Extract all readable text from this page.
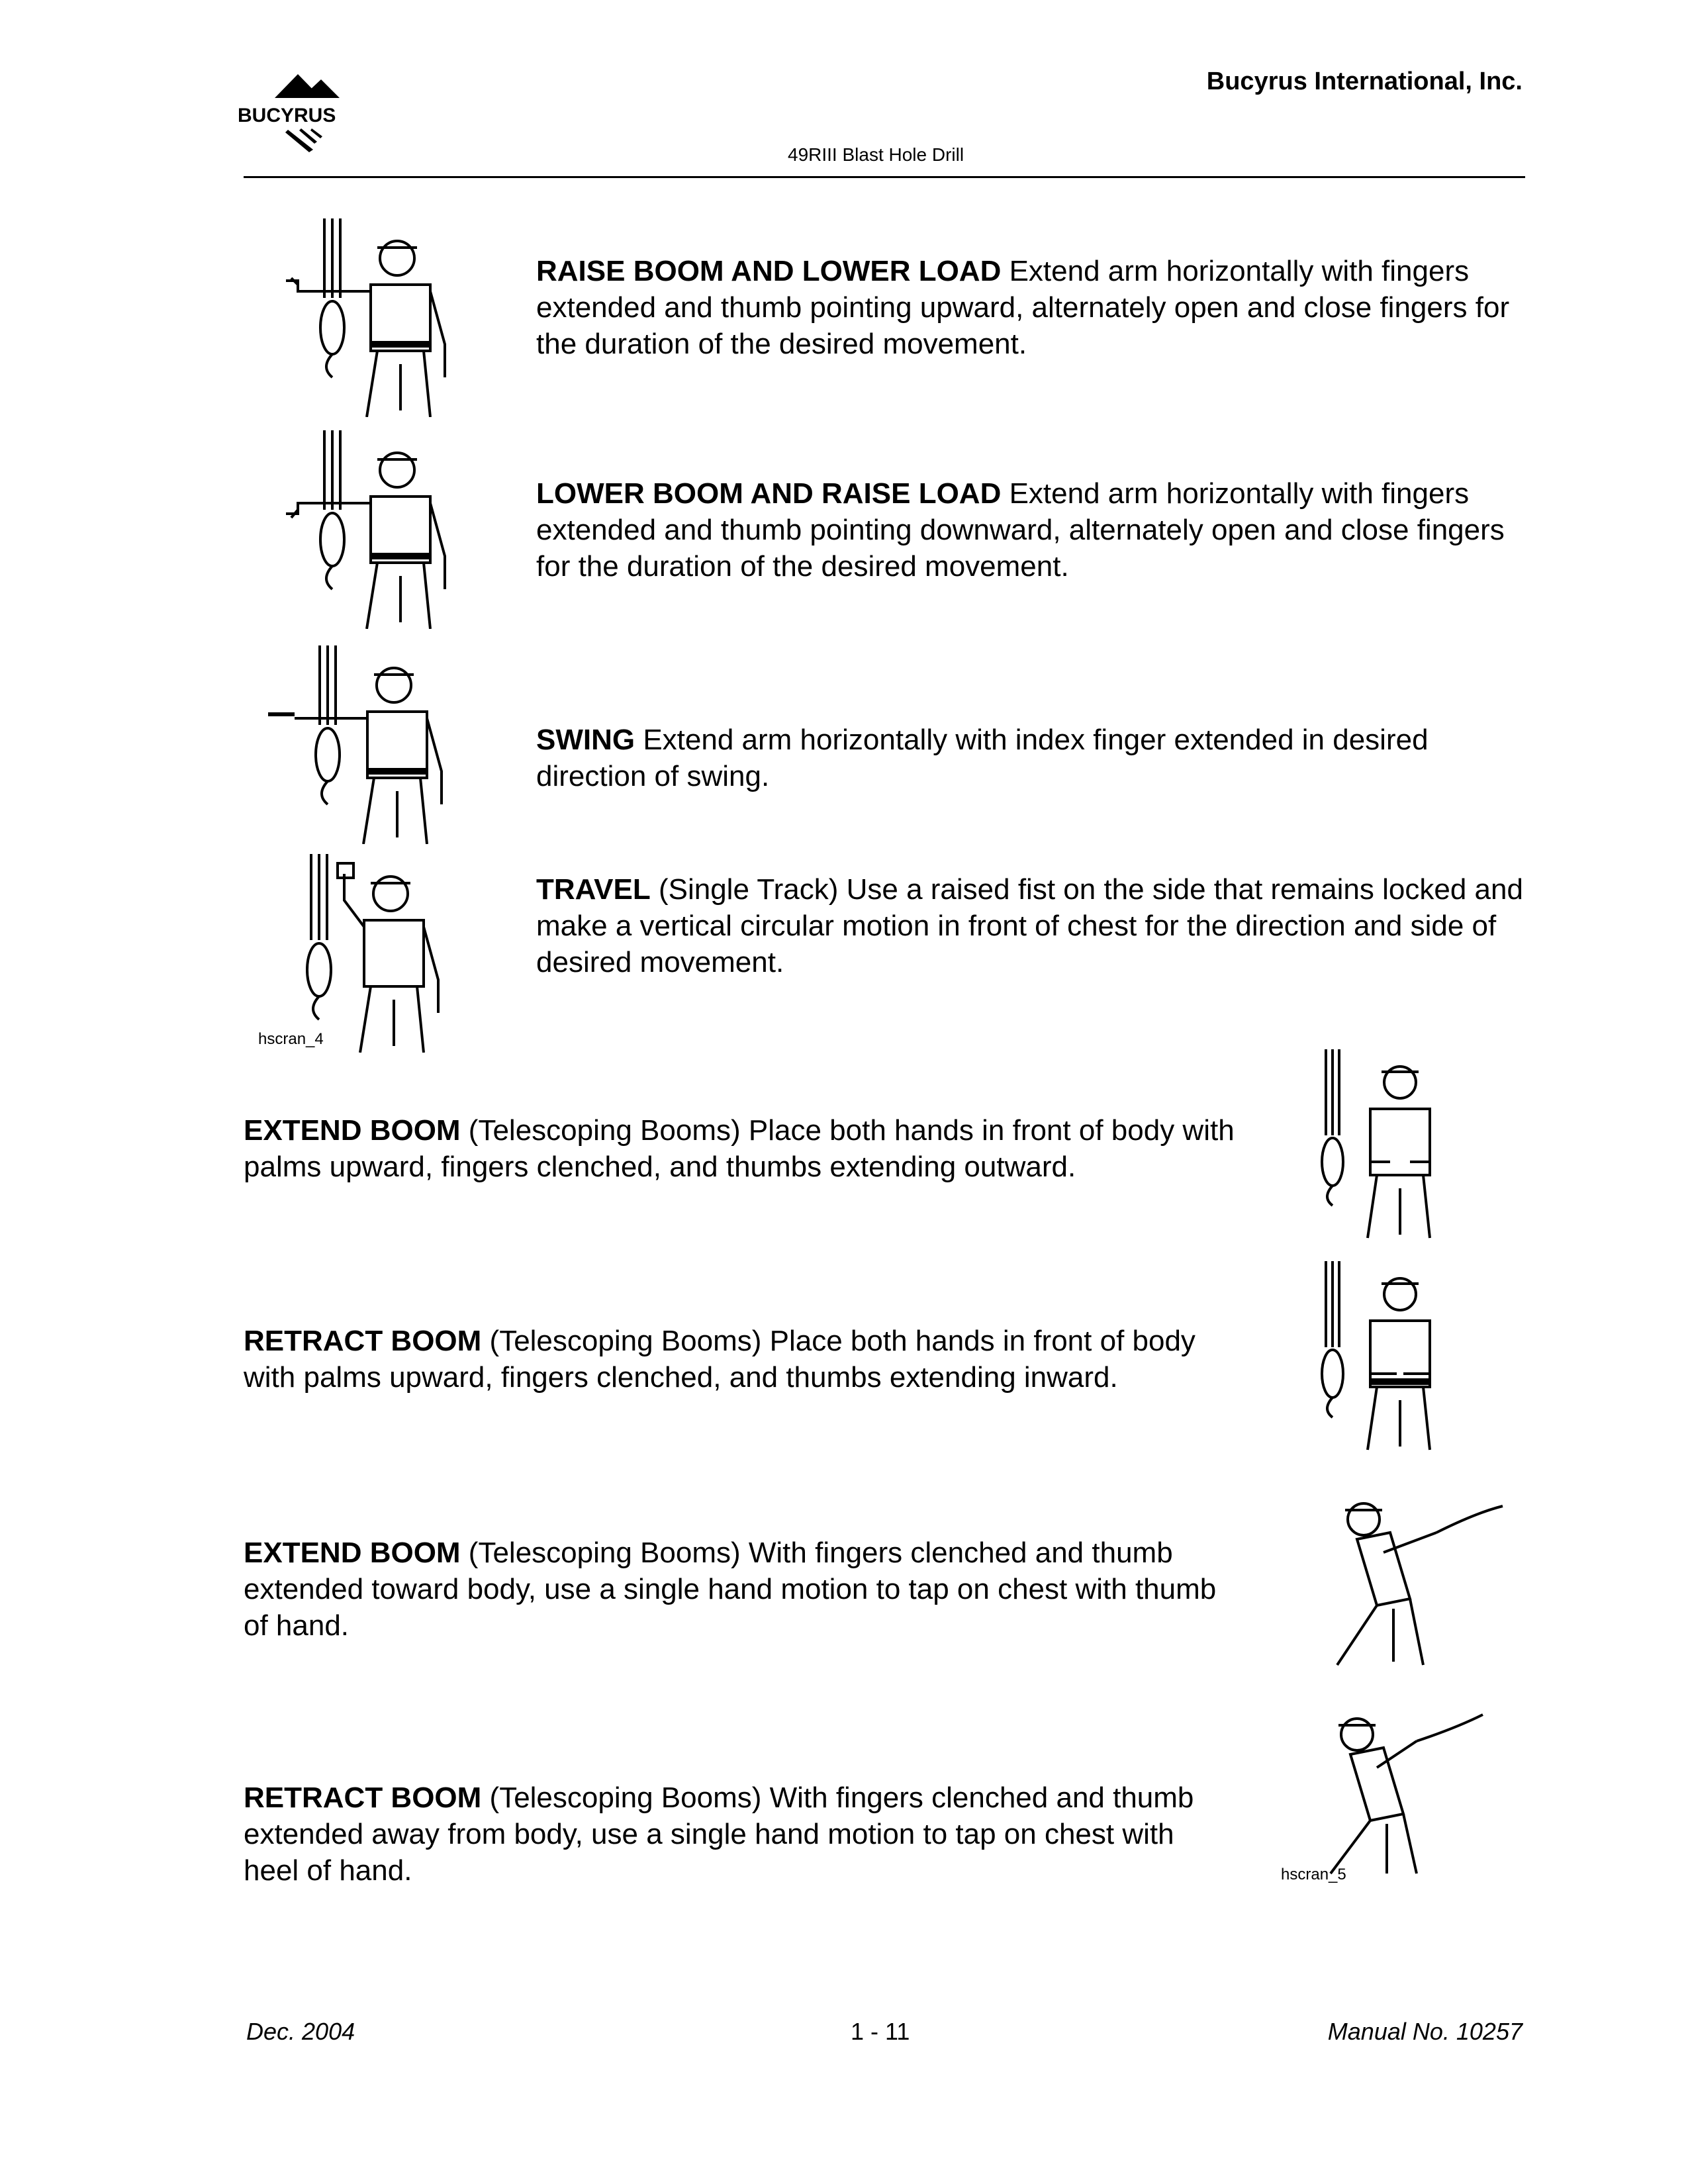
BUCYRUS
Bucyrus International, Inc.
49RIII Blast Hole Drill
RAISE BOOM AND LOWER LOAD Extend arm horizontally with fingers extended and thumb pointing upward, alternately open and close fingers for the duration of the desired movement.
LOWER BOOM AND RAISE LOAD Extend arm horizontally with fingers extended and thumb pointing downward, alternately open and close fingers for the duration of the desired movement.
SWING Extend arm horizontally with index finger extended in desired direction of swing.
TRAVEL (Single Track) Use a raised fist on the side that remains locked and make a vertical circular motion in front of chest for the direction and side of desired movement.
hscran_4
EXTEND BOOM (Telescoping Booms) Place both hands in front of body with palms upward, fingers clenched, and thumbs extending outward.
RETRACT BOOM (Telescoping Booms) Place both hands in front of body with palms upward, fingers clenched, and thumbs extending inward.
EXTEND BOOM (Telescoping Booms) With fingers clenched and thumb extended toward body, use a single hand motion to tap on chest with thumb of hand.
RETRACT BOOM (Telescoping Booms) With fingers clenched and thumb extended away from body, use a single hand motion to tap on chest with heel of hand.	hscran_5
Dec. 2004	1 - 11	Manual No. 10257
